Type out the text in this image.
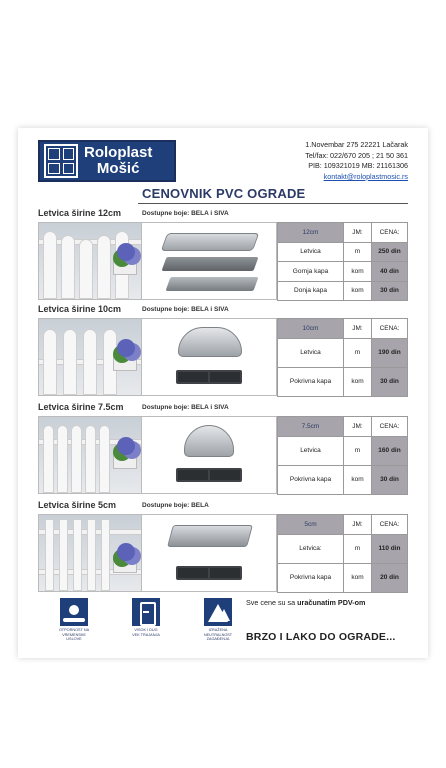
Roloplast
Mošić
1.Novembar 275 22221 Lačarak
Tel/fax: 022/670 205 ; 21 50 361
PIB: 109321019 MB: 21161306
kontakt@roloplastmosic.rs
CENOVNIK PVC OGRADE
Letvica širine 12cm	Dostupne boje: BELA i SIVA
12cm	JM:	CENA:
Letvica	m	250 din
Gornja kapa	kom	40 din
Donja kapa	kom	30 din
Letvica širine 10cm	Dostupne boje: BELA i SIVA
10cm	JM:	CENA:
Letvica	m	190 din
Pokrivna kapa	kom	30 din
Letvica širine 7.5cm	Dostupne boje: BELA i SIVA
7.5cm	JM:	CENA:
Letvica	m	160 din
Pokrivna kapa	kom	30 din
Letvica širine 5cm	Dostupne boje: BELA
5cm	JM:	CENA:
Letvica:	m	110 din
Pokrivna kapa	kom	20 din
OTPORNOST NA
VREMENSKE
USLOVE
VISOK I DUG
VEK TRAJANJA
IZRAŽENA
NEUTRALNOST
ZAGAĐENJA
Sve cene su sa uračunatim PDV-om
BRZO I LAKO DO OGRADE...
